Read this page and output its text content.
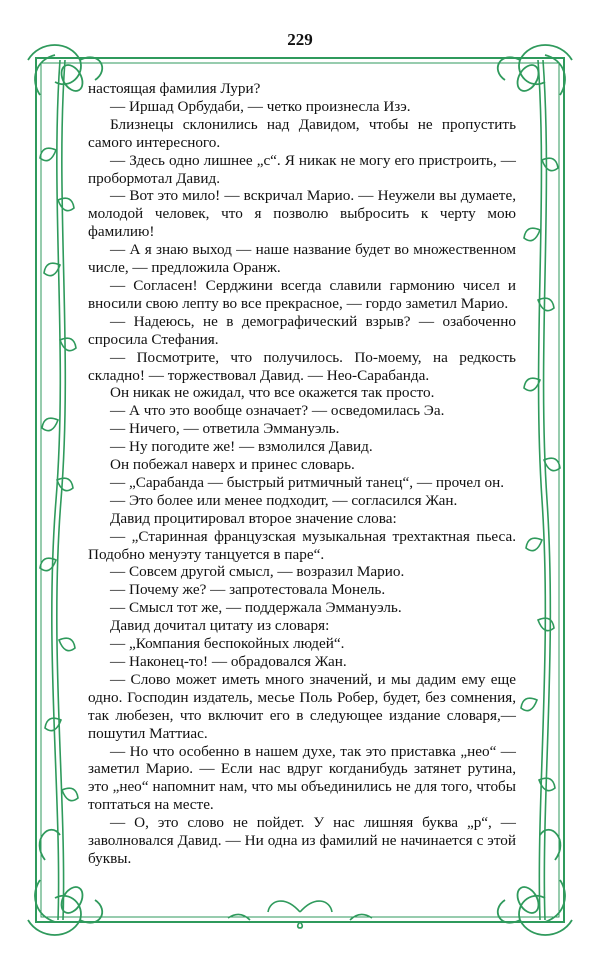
229

настоящая фамилия Лури?

— Иршад Орбудаби, — четко произнесла Изэ.

Близнецы склонились над Давидом, чтобы не пропустить самого интересного.

— Здесь одно лишнее „с“. Я никак не могу его пристроить, — пробормотал Давид.

— Вот это мило! — вскричал Марио. — Неужели вы думаете, молодой человек, что я позволю выбросить к черту мою фамилию!

— А я знаю выход — наше название будет во множественном числе, — предложила Оранж.

— Согласен! Серджини всегда славили гармонию чисел и вносили свою лепту во все прекрасное, — гордо заметил Марио.

— Надеюсь, не в демографический взрыв? — озабоченно спросила Стефания.

— Посмотрите, что получилось. По-моему, на редкость складно! — торжествовал Давид. — Нео-Сарабанда.

Он никак не ожидал, что все окажется так просто.

— А что это вообще означает? — осведомилась Эа.

— Ничего, — ответила Эммануэль.

— Ну погодите же! — взмолился Давид.

Он побежал наверх и принес словарь.

— „Сарабанда — быстрый ритмичный танец“, — прочел он.

— Это более или менее подходит, — согласился Жан.

Давид процитировал второе значение слова:

— „Старинная французская музыкальная трехтактная пьеса. Подобно менуэту танцуется в паре“.

— Совсем другой смысл, — возразил Марио.

— Почему же? — запротестовала Монель.

— Смысл тот же, — поддержала Эммануэль.

Давид дочитал цитату из словаря:

— „Компания беспокойных людей“.

— Наконец-то! — обрадовался Жан.

— Слово может иметь много значений, и мы дадим ему еще одно. Господин издатель, месье Поль Робер, будет, без сомнения, так любезен, что включит его в следующее издание словаря,—пошутил Маттиас.

— Но что особенно в нашем духе, так это приставка „нео“ — заметил Марио. — Если нас вдруг когданибудь затянет рутина, это „нео“ напомнит нам, что мы объединились не для того, чтобы топтаться на месте.

— О, это слово не пойдет. У нас лишняя буква „р“, — заволновался Давид. — Ни одна из фамилий не начинается с этой буквы.
